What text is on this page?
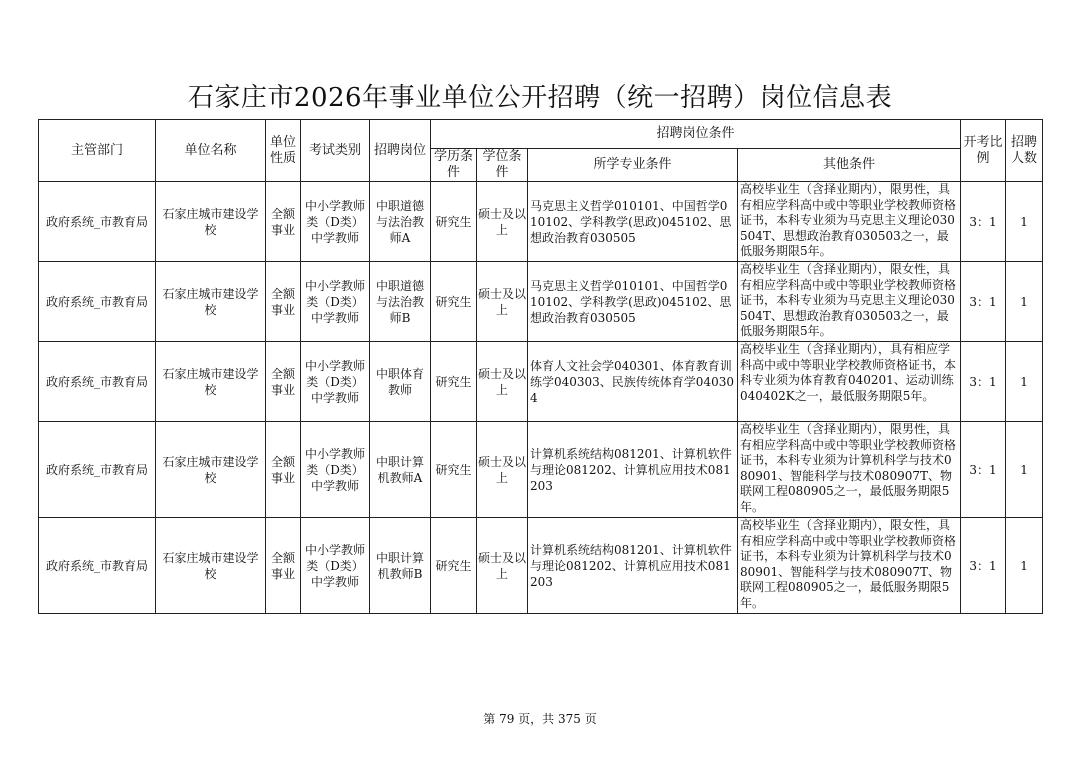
石家庄市2026年事业单位公开招聘（统一招聘）岗位信息表
主管部门	单位名称	单位性质	考试类别	招聘岗位	招聘岗位条件				开考比例	招聘人数
					学历条件	学位条件	所学专业条件	其他条件		
政府系统_市教育局	石家庄城市建设学校	全额事业	中小学教师类（D类）中学教师	中职道德与法治教师A	研究生	硕士及以上	马克思主义哲学010101、中国哲学010102、学科教学(思政)045102、思想政治教育030505	高校毕业生（含择业期内），限男性，具有相应学科高中或中等职业学校教师资格证书，本科专业须为马克思主义理论030504T、思想政治教育030503之一，最低服务期限5年。	3：1	1
政府系统_市教育局	石家庄城市建设学校	全额事业	中小学教师类（D类）中学教师	中职道德与法治教师B	研究生	硕士及以上	马克思主义哲学010101、中国哲学010102、学科教学(思政)045102、思想政治教育030505	高校毕业生（含择业期内），限女性，具有相应学科高中或中等职业学校教师资格证书，本科专业须为马克思主义理论030504T、思想政治教育030503之一，最低服务期限5年。	3：1	1
政府系统_市教育局	石家庄城市建设学校	全额事业	中小学教师类（D类）中学教师	中职体育教师	研究生	硕士及以上	体育人文社会学040301、体育教育训练学040303、民族传统体育学040304	高校毕业生（含择业期内），具有相应学科高中或中等职业学校教师资格证书，本科专业须为体育教育040201、运动训练040402K之一，最低服务期限5年。	3：1	1
政府系统_市教育局	石家庄城市建设学校	全额事业	中小学教师类（D类）中学教师	中职计算机教师A	研究生	硕士及以上	计算机系统结构081201、计算机软件与理论081202、计算机应用技术081203	高校毕业生（含择业期内），限男性，具有相应学科高中或中等职业学校教师资格证书，本科专业须为计算机科学与技术080901、智能科学与技术080907T、物联网工程080905之一，最低服务期限5年。	3：1	1
政府系统_市教育局	石家庄城市建设学校	全额事业	中小学教师类（D类）中学教师	中职计算机教师B	研究生	硕士及以上	计算机系统结构081201、计算机软件与理论081202、计算机应用技术081203	高校毕业生（含择业期内），限女性，具有相应学科高中或中等职业学校教师资格证书，本科专业须为计算机科学与技术080901、智能科学与技术080907T、物联网工程080905之一，最低服务期限5年。	3：1	1
第 79 页，共 375 页
